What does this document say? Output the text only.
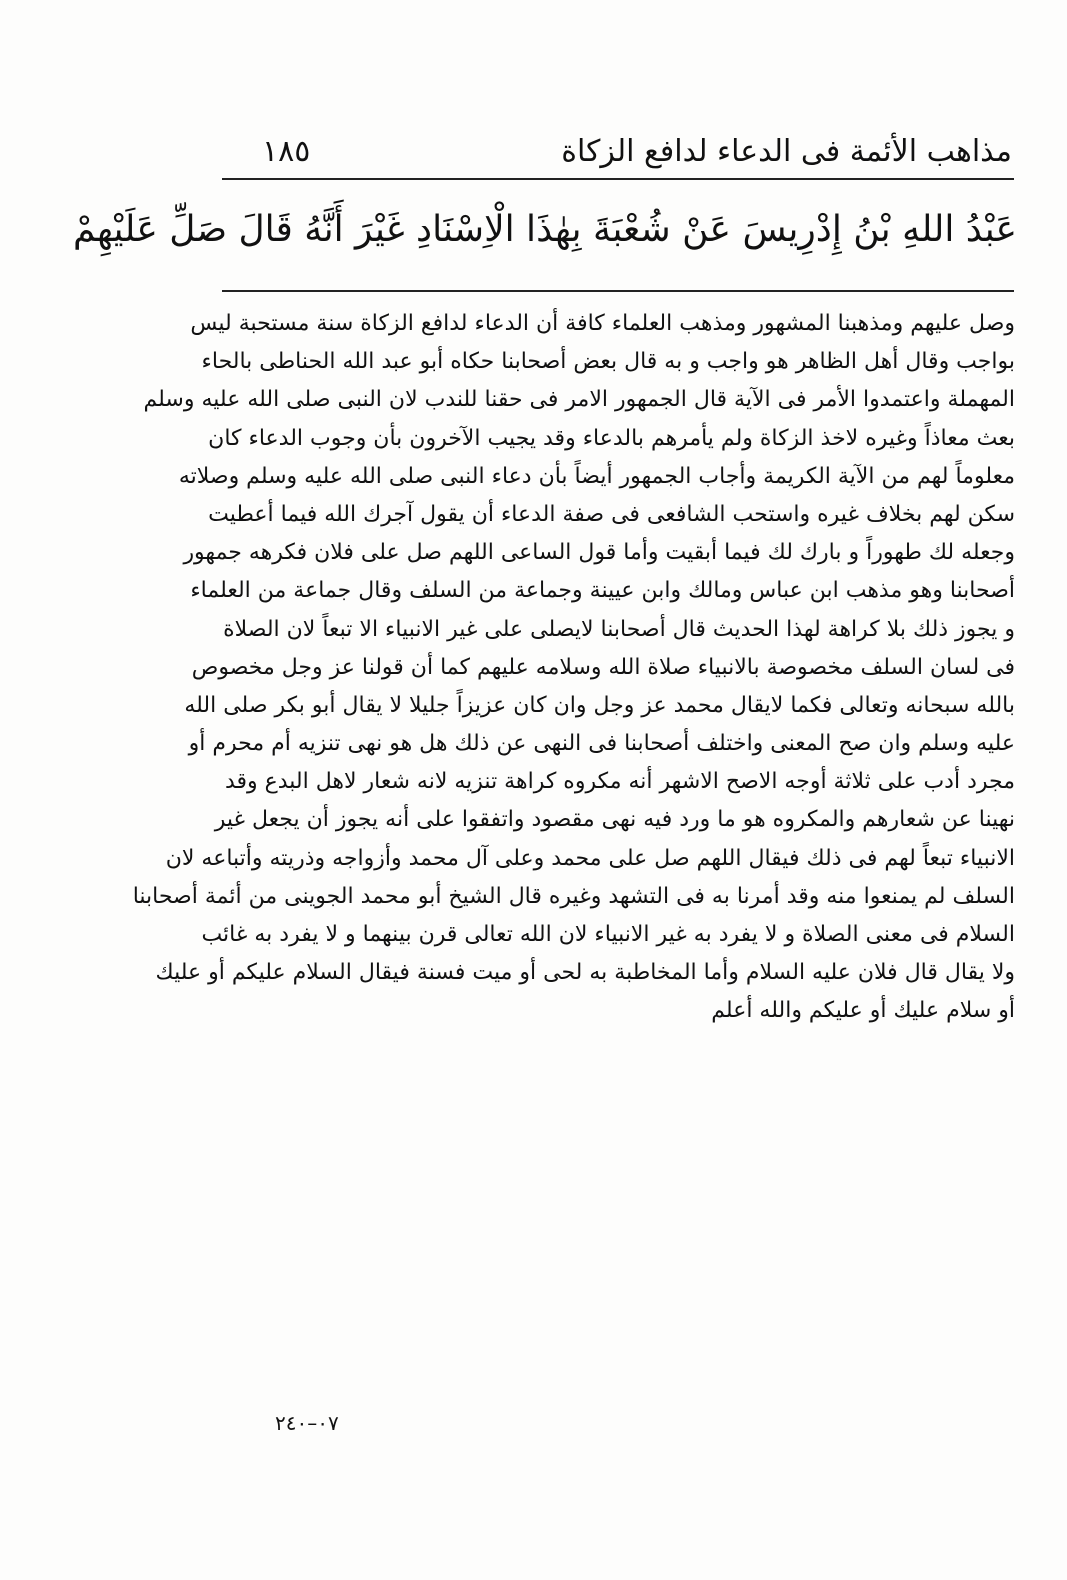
مذاهب الأئمة فى الدعاء لدافع الزكاة
١٨٥
عَبْدُ اللهِ بْنُ إِدْرِيسَ عَنْ شُعْبَةَ بِهٰذَا الْاِسْنَادِ غَيْرَ أَنَّهُ قَالَ صَلِّ عَلَيْهِمْ
وصل عليهم ومذهبنا المشهور ومذهب العلماء كافة أن الدعاء لدافع الزكاة سنة مستحبة ليس
بواجب وقال أهل الظاهر هو واجب و به قال بعض أصحابنا حكاه أبو عبد الله الحناطى بالحاء
المهملة واعتمدوا الأمر فى الآية قال الجمهور الامر فى حقنا للندب لان النبى صلى الله عليه وسلم
بعث معاذاً وغيره لاخذ الزكاة ولم يأمرهم بالدعاء وقد يجيب الآخرون بأن وجوب الدعاء كان
معلوماً لهم من الآية الكريمة وأجاب الجمهور أيضاً بأن دعاء النبى صلى الله عليه وسلم وصلاته
سكن لهم بخلاف غيره واستحب الشافعى فى صفة الدعاء أن يقول آجرك الله فيما أعطيت
وجعله لك طهوراً و بارك لك فيما أبقيت وأما قول الساعى اللهم صل على فلان فكرهه جمهور
أصحابنا وهو مذهب ابن عباس ومالك وابن عيينة وجماعة من السلف وقال جماعة من العلماء
و يجوز ذلك بلا كراهة لهذا الحديث قال أصحابنا لايصلى على غير الانبياء الا تبعاً لان الصلاة
فى لسان السلف مخصوصة بالانبياء صلاة الله وسلامه عليهم كما أن قولنا عز وجل مخصوص
بالله سبحانه وتعالى فكما لايقال محمد عز وجل وان كان عزيزاً جليلا لا يقال أبو بكر صلى الله
عليه وسلم وان صح المعنى واختلف أصحابنا فى النهى عن ذلك هل هو نهى تنزيه أم محرم أو
مجرد أدب على ثلاثة أوجه الاصح الاشهر أنه مكروه كراهة تنزيه لانه شعار لاهل البدع وقد
نهينا عن شعارهم والمكروه هو ما ورد فيه نهى مقصود واتفقوا على أنه يجوز أن يجعل غير
الانبياء تبعاً لهم فى ذلك فيقال اللهم صل على محمد وعلى آل محمد وأزواجه وذريته وأتباعه لان
السلف لم يمنعوا منه وقد أمرنا به فى التشهد وغيره قال الشيخ أبو محمد الجوينى من أئمة أصحابنا
السلام فى معنى الصلاة و لا يفرد به غير الانبياء لان الله تعالى قرن بينهما و لا يفرد به غائب
ولا يقال قال فلان عليه السلام وأما المخاطبة به لحى أو ميت فسنة فيقال السلام عليكم أو عليك
أو سلام عليك أو عليكم والله أعلم
٠٧–٢٤٠
